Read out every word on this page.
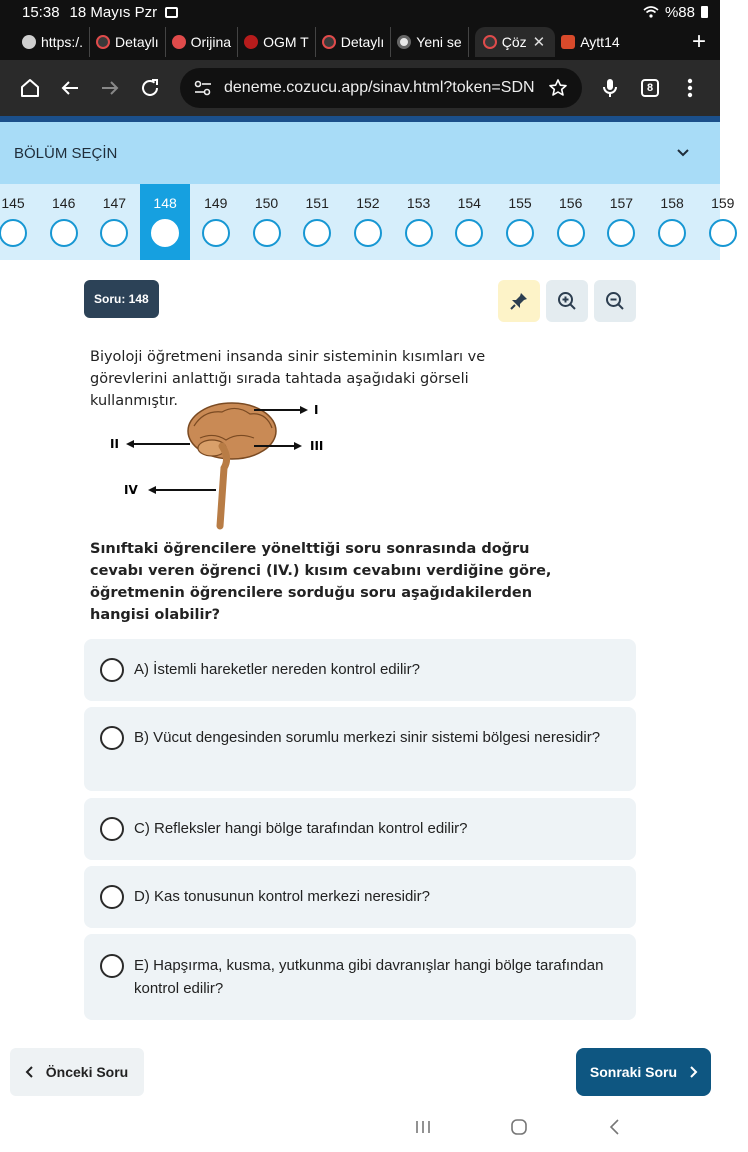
15:38 18 Mayıs Pzr	%88
https:/. Detaylı Orijina OGM T Detaylı Yeni se	Çöz ✕	Aytt14	+
deneme.cozucu.app/sinav.html?token=SDN	8
BÖLÜM SEÇİN
145 146 147 148 149 150 151 152 153 154 155 156 157 158 159
Soru: 148

Biyoloji öğretmeni insanda sinir sisteminin kısımları ve görevlerini anlattığı sırada tahtada aşağıdaki görseli kullanmıştır.

I
III
II
IV

Sınıftaki öğrencilere yönelttiği soru sonrasında doğru cevabı veren öğrenci (IV.) kısım cevabını verdiğine göre, öğretmenin öğrencilere sorduğu soru aşağıdakilerden hangisi olabilir?

A) İstemli hareketler nereden kontrol edilir?
B) Vücut dengesinden sorumlu merkezi sinir sistemi bölgesi neresidir?
C) Refleksler hangi bölge tarafından kontrol edilir?
D) Kas tonusunun kontrol merkezi neresidir?
E) Hapşırma, kusma, yutkunma gibi davranışlar hangi bölge tarafından kontrol edilir?
Önceki Soru	Sonraki Soru
